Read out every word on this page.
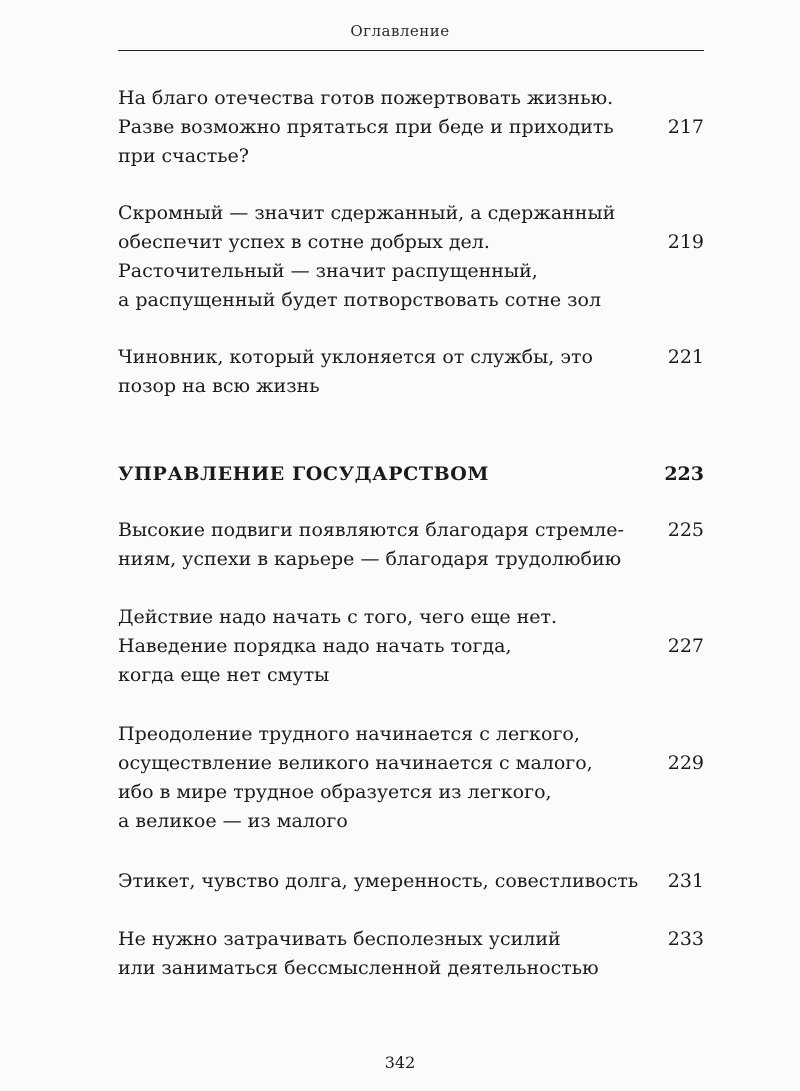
Оглавление
На благо отечества готов пожертвовать жизнью.
Разве возможно прятаться при беде и приходить
при счастье?
217
Скромный — значит сдержанный, а сдержанный
обеспечит успех в сотне добрых дел.
Расточительный — значит распущенный,
а распущенный будет потворствовать сотне зол
219
Чиновник, который уклоняется от службы, это
позор на всю жизнь
221
УПРАВЛЕНИЕ ГОСУДАРСТВОМ	223
Высокие подвиги появляются благодаря стремле-
ниям, успехи в карьере — благодаря трудолюбию
225
Действие надо начать с того, чего еще нет.
Наведение порядка надо начать тогда,
когда еще нет смуты
227
Преодоление трудного начинается с легкого,
осуществление великого начинается с малого,
ибо в мире трудное образуется из легкого,
а великое — из малого
229
Этикет, чувство долга, умеренность, совестливость 231
Не нужно затрачивать бесполезных усилий
или заниматься бессмысленной деятельностью
233
342
